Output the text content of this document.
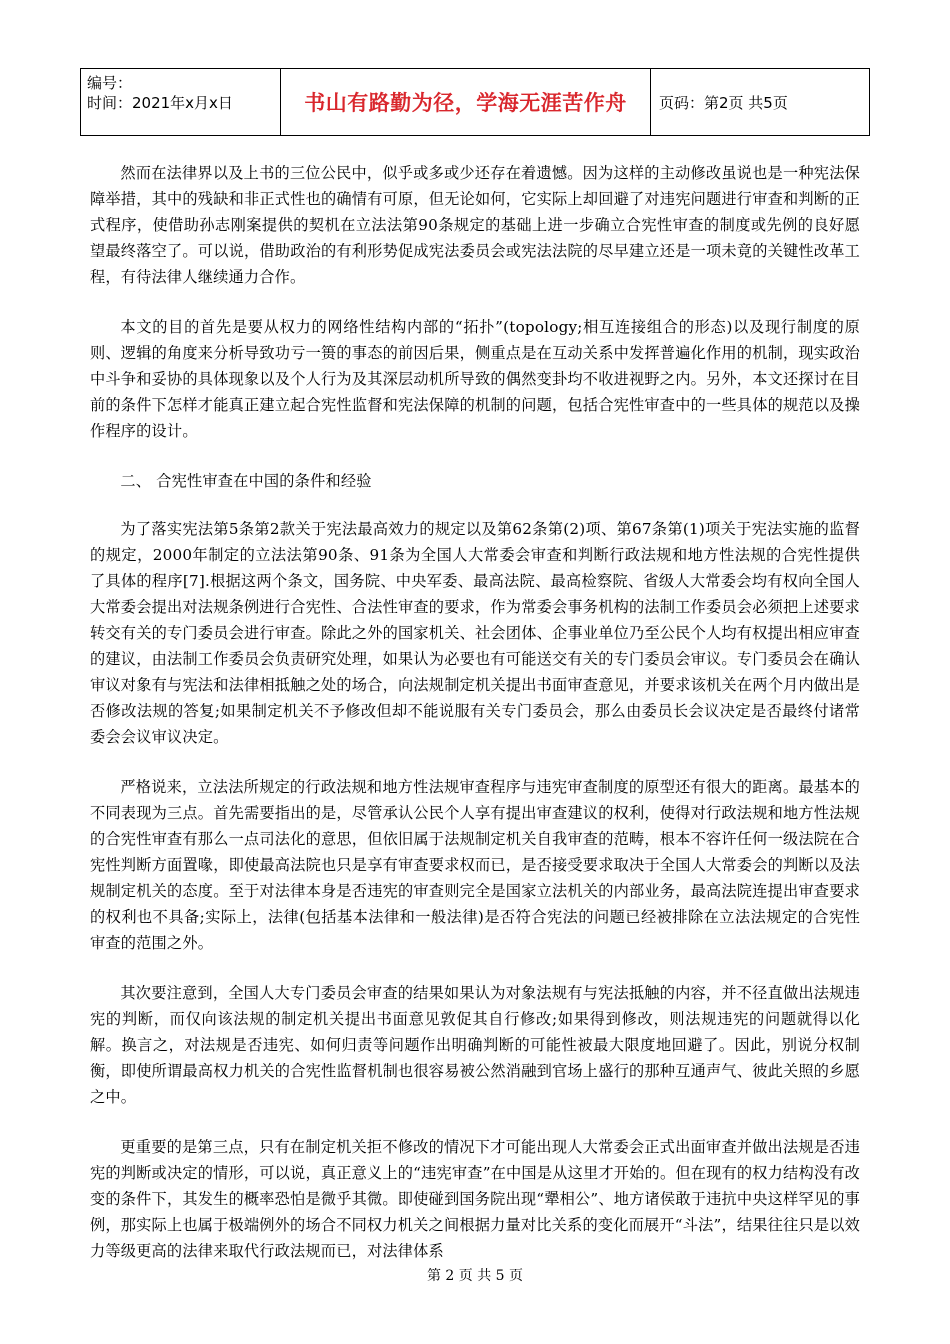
编号：
时间：2021年x月x日	书山有路勤为径，学海无涯苦作舟	页码：第2页 共5页

然而在法律界以及上书的三位公民中，似乎或多或少还存在着遗憾。因为这样的主动修改虽说也是一种宪法保障举措，其中的残缺和非正式性也的确情有可原，但无论如何，它实际上却回避了对违宪问题进行审查和判断的正式程序，使借助孙志刚案提供的契机在立法法第90条规定的基础上进一步确立合宪性审查的制度或先例的良好愿望最终落空了。可以说，借助政治的有利形势促成宪法委员会或宪法法院的尽早建立还是一项未竟的关键性改革工程，有待法律人继续通力合作。

本文的目的首先是要从权力的网络性结构内部的“拓扑”(topology;相互连接组合的形态)以及现行制度的原则、逻辑的角度来分析导致功亏一篑的事态的前因后果，侧重点是在互动关系中发挥普遍化作用的机制，现实政治中斗争和妥协的具体现象以及个人行为及其深层动机所导致的偶然变卦均不收进视野之内。另外，本文还探讨在目前的条件下怎样才能真正建立起合宪性监督和宪法保障的机制的问题，包括合宪性审查中的一些具体的规范以及操作程序的设计。

二、 合宪性审查在中国的条件和经验

为了落实宪法第5条第2款关于宪法最高效力的规定以及第62条第(2)项、第67条第(1)项关于宪法实施的监督的规定，2000年制定的立法法第90条、91条为全国人大常委会审查和判断行政法规和地方性法规的合宪性提供了具体的程序[7].根据这两个条文，国务院、中央军委、最高法院、最高检察院、省级人大常委会均有权向全国人大常委会提出对法规条例进行合宪性、合法性审查的要求，作为常委会事务机构的法制工作委员会必须把上述要求转交有关的专门委员会进行审查。除此之外的国家机关、社会团体、企事业单位乃至公民个人均有权提出相应审查的建议，由法制工作委员会负责研究处理，如果认为必要也有可能送交有关的专门委员会审议。专门委员会在确认审议对象有与宪法和法律相抵触之处的场合，向法规制定机关提出书面审查意见，并要求该机关在两个月内做出是否修改法规的答复;如果制定机关不予修改但却不能说服有关专门委员会，那么由委员长会议决定是否最终付诸常委会会议审议决定。

严格说来，立法法所规定的行政法规和地方性法规审查程序与违宪审查制度的原型还有很大的距离。最基本的不同表现为三点。首先需要指出的是，尽管承认公民个人享有提出审查建议的权利，使得对行政法规和地方性法规的合宪性审查有那么一点司法化的意思，但依旧属于法规制定机关自我审查的范畴，根本不容许任何一级法院在合宪性判断方面置喙，即使最高法院也只是享有审查要求权而已，是否接受要求取决于全国人大常委会的判断以及法规制定机关的态度。至于对法律本身是否违宪的审查则完全是国家立法机关的内部业务，最高法院连提出审查要求的权利也不具备;实际上，法律(包括基本法律和一般法律)是否符合宪法的问题已经被排除在立法法规定的合宪性审查的范围之外。

其次要注意到，全国人大专门委员会审查的结果如果认为对象法规有与宪法抵触的内容，并不径直做出法规违宪的判断，而仅向该法规的制定机关提出书面意见敦促其自行修改;如果得到修改，则法规违宪的问题就得以化解。换言之，对法规是否违宪、如何归责等问题作出明确判断的可能性被最大限度地回避了。因此，别说分权制衡，即使所谓最高权力机关的合宪性监督机制也很容易被公然消融到官场上盛行的那种互通声气、彼此关照的乡愿之中。

更重要的是第三点，只有在制定机关拒不修改的情况下才可能出现人大常委会正式出面审查并做出法规是否违宪的判断或决定的情形，可以说，真正意义上的“违宪审查”在中国是从这里才开始的。但在现有的权力结构没有改变的条件下，其发生的概率恐怕是微乎其微。即使碰到国务院出现“犟相公”、地方诸侯敢于违抗中央这样罕见的事例，那实际上也属于极端例外的场合不同权力机关之间根据力量对比关系的变化而展开“斗法”，结果往往只是以效力等级更高的法律来取代行政法规而已，对法律体系

第 2 页 共 5 页
